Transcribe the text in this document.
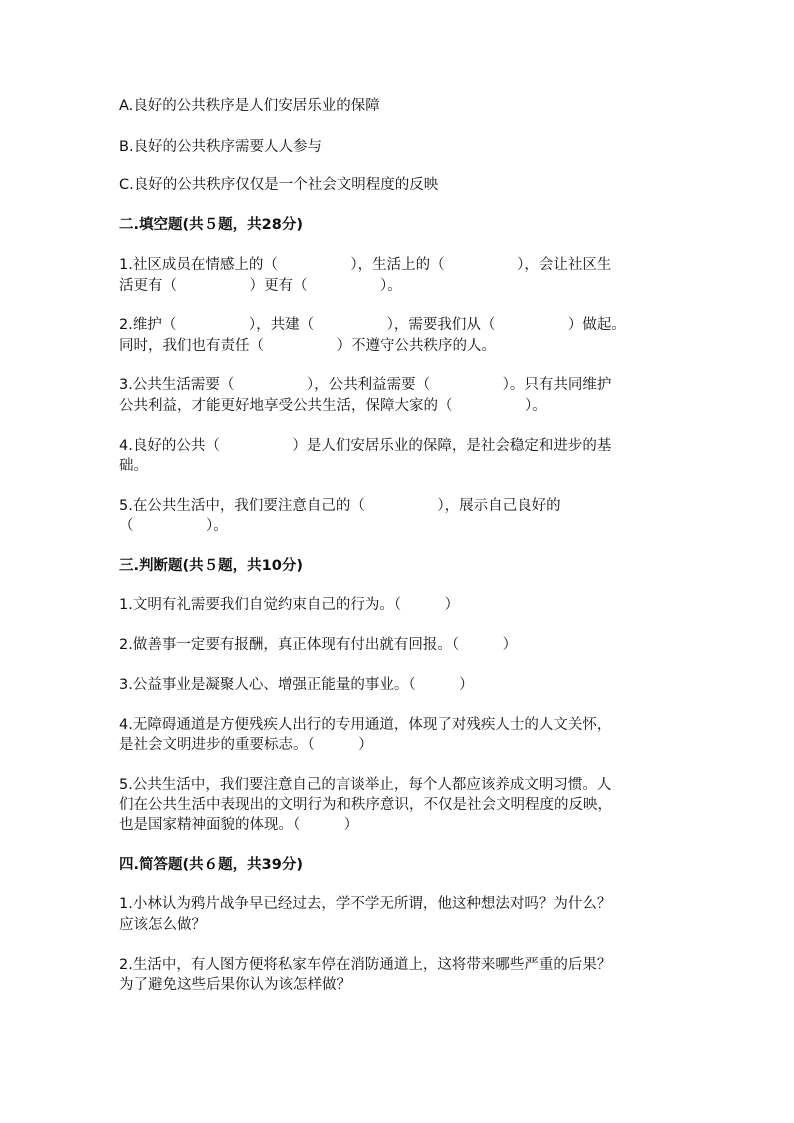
A.良好的公共秩序是人们安居乐业的保障
B.良好的公共秩序需要人人参与
C.良好的公共秩序仅仅是一个社会文明程度的反映
二.填空题(共５题，共28分)
1.社区成员在情感上的（　　　　　），生活上的（　　　　　），会让社区生
活更有（　　　　　）更有（　　　　　）。
2.维护（　　　　　），共建（　　　　　），需要我们从（　　　　　）做起。
同时，我们也有责任（　　　　　）不遵守公共秩序的人。
3.公共生活需要（　　　　　），公共利益需要（　　　　　）。只有共同维护
公共利益，才能更好地享受公共生活，保障大家的（　　　　　）。
4.良好的公共（　　　　　）是人们安居乐业的保障，是社会稳定和进步的基
础。
5.在公共生活中，我们要注意自己的（　　　　　），展示自己良好的
（　　　　　）。
三.判断题(共５题，共10分)
1.文明有礼需要我们自觉约束自己的行为。（　　　）
2.做善事一定要有报酬，真正体现有付出就有回报。（　　　）
3.公益事业是凝聚人心、增强正能量的事业。（　　　）
4.无障碍通道是方便残疾人出行的专用通道，体现了对残疾人士的人文关怀，
是社会文明进步的重要标志。（　　　）
5.公共生活中，我们要注意自己的言谈举止，每个人都应该养成文明习惯。人
们在公共生活中表现出的文明行为和秩序意识，不仅是社会文明程度的反映，
也是国家精神面貌的体现。（　　　）
四.简答题(共６题，共39分)
1.小林认为鸦片战争早已经过去，学不学无所谓，他这种想法对吗？为什么？
应该怎么做？
2.生活中，有人图方便将私家车停在消防通道上，这将带来哪些严重的后果？
为了避免这些后果你认为该怎样做？
